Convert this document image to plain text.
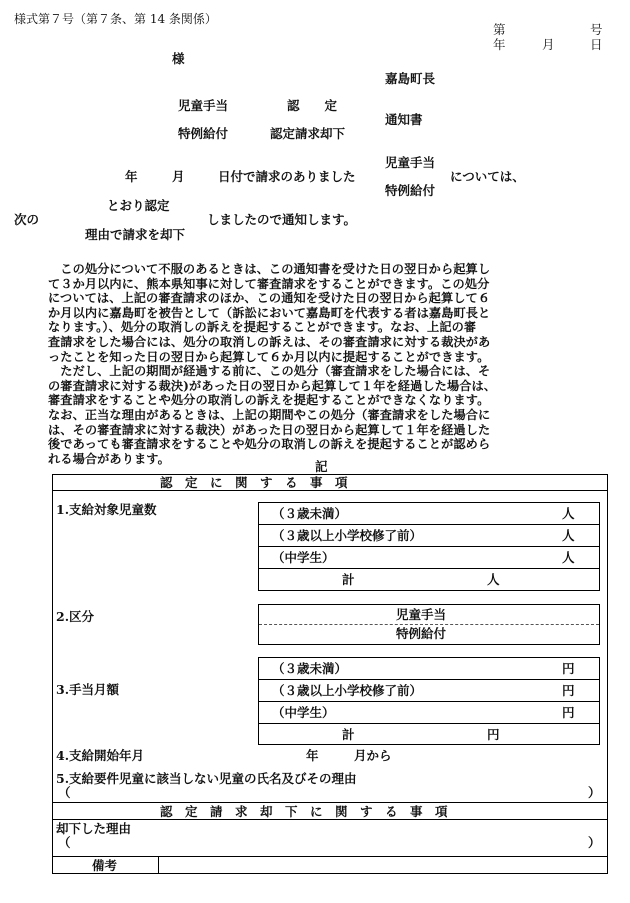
様式第７号（第７条、第 14 条関係）
第	号
年	月	日
様
嘉島町長
児童手当	認　　定
通知書
特例給付	認定請求却下
児童手当
年	月	日付で請求のありました	については、
特例給付
とおり認定
次の	しましたので通知します。
理由で請求を却下
　この処分について不服のあるときは、この通知書を受けた日の翌日から起算し
て３か月以内に、熊本県知事に対して審査請求をすることができます。この処分
については、上記の審査請求のほか、この通知を受けた日の翌日から起算して６
か月以内に嘉島町を被告として（訴訟において嘉島町を代表する者は嘉島町長と
なります。）、処分の取消しの訴えを提起することができます。なお、上記の審
査請求をした場合には、処分の取消しの訴えは、その審査請求に対する裁決があ
ったことを知った日の翌日から起算して６か月以内に提起することができます。
　ただし、上記の期間が経過する前に、この処分（審査請求をした場合には、そ
の審査請求に対する裁決)があった日の翌日から起算して１年を経過した場合は、
審査請求をすることや処分の取消しの訴えを提起することができなくなります。
なお、正当な理由があるときは、上記の期間やこの処分（審査請求をした場合に
は、その審査請求に対する裁決）があった日の翌日から起算して１年を経過した
後であっても審査請求をすることや処分の取消しの訴えを提起することが認めら
れる場合があります。
記
認　定　に　関　す　る　事　項
1.支給対象児童数	（３歳未満）	人
（３歳以上小学校修了前）	人
（中学生）	人
計	人
2.区分	児童手当
特例給付
3.手当月額
（３歳未満）	円
（３歳以上小学校修了前）	円
（中学生）	円
計	円
4.支給開始年月	年	月から
5.支給要件児童に該当しない児童の氏名及びその理由
（	）
認　定　請　求　却　下　に　関　す　る　事　項
却下した理由
（	）
備考
